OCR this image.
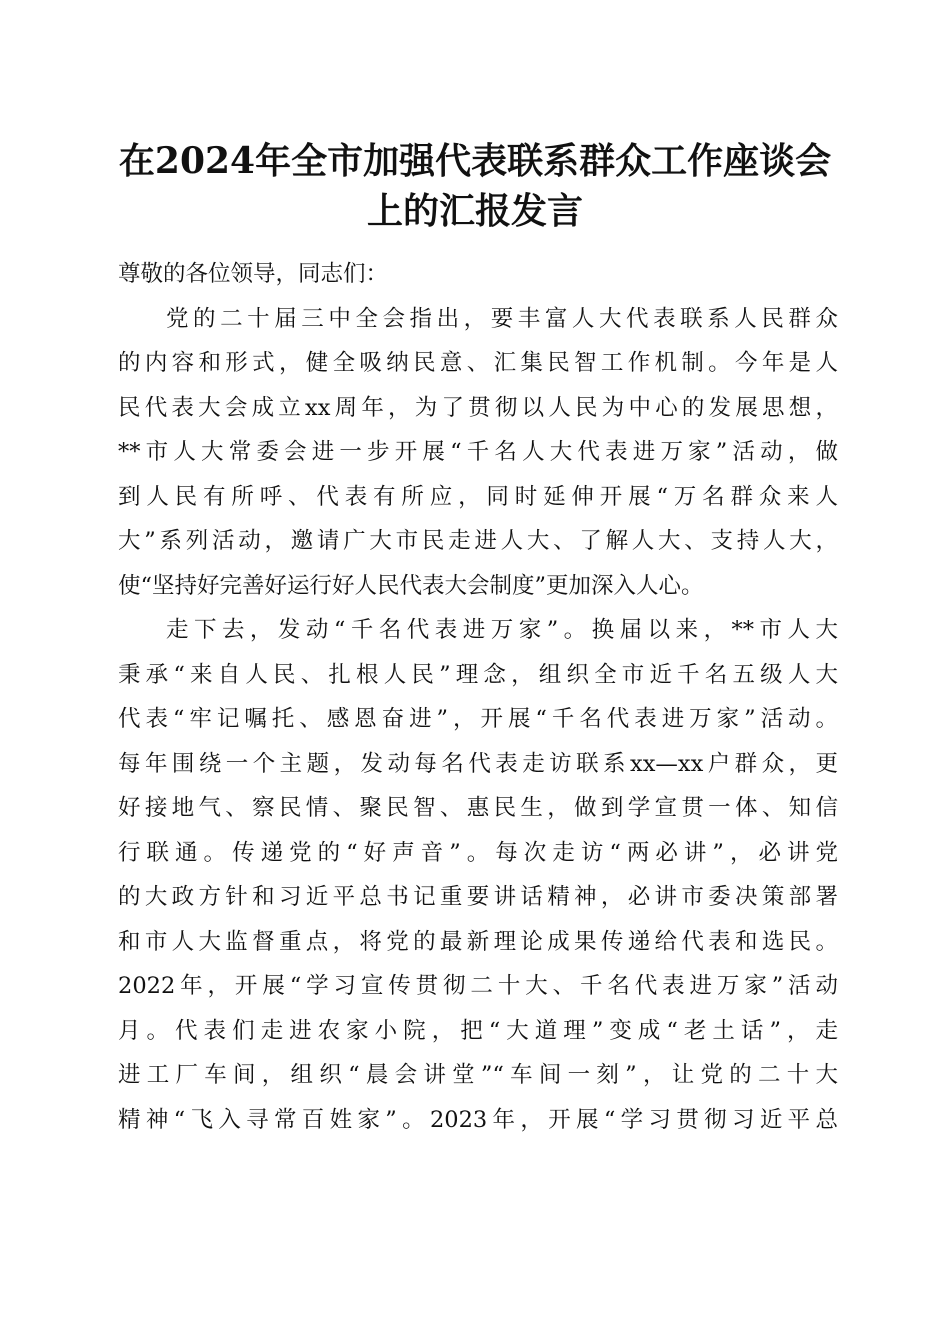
在2024年全市加强代表联系群众工作座谈会
上的汇报发言
尊敬的各位领导，同志们：
党的二十届三中全会指出，要丰富人大代表联系人民群众
的内容和形式，健全吸纳民意、汇集民智工作机制。今年是人
民代表大会成立xx周年，为了贯彻以人民为中心的发展思想，
**市人大常委会进一步开展“千名人大代表进万家”活动，做
到人民有所呼、代表有所应，同时延伸开展“万名群众来人
大”系列活动，邀请广大市民走进人大、了解人大、支持人大，
使“坚持好完善好运行好人民代表大会制度”更加深入人心。
走下去，发动“千名代表进万家”。换届以来，**市人大
秉承“来自人民、扎根人民”理念，组织全市近千名五级人大
代表“牢记嘱托、感恩奋进”，开展“千名代表进万家”活动。
每年围绕一个主题，发动每名代表走访联系xx—xx户群众，更
好接地气、察民情、聚民智、惠民生，做到学宣贯一体、知信
行联通。传递党的“好声音”。每次走访“两必讲”，必讲党
的大政方针和习近平总书记重要讲话精神，必讲市委决策部署
和市人大监督重点，将党的最新理论成果传递给代表和选民。
2022年，开展“学习宣传贯彻二十大、千名代表进万家”活动
月。代表们走进农家小院，把“大道理”变成“老土话”，走
进工厂车间，组织“晨会讲堂”“车间一刻”，让党的二十大
精神“飞入寻常百姓家”。2023年，开展“学习贯彻习近平总
